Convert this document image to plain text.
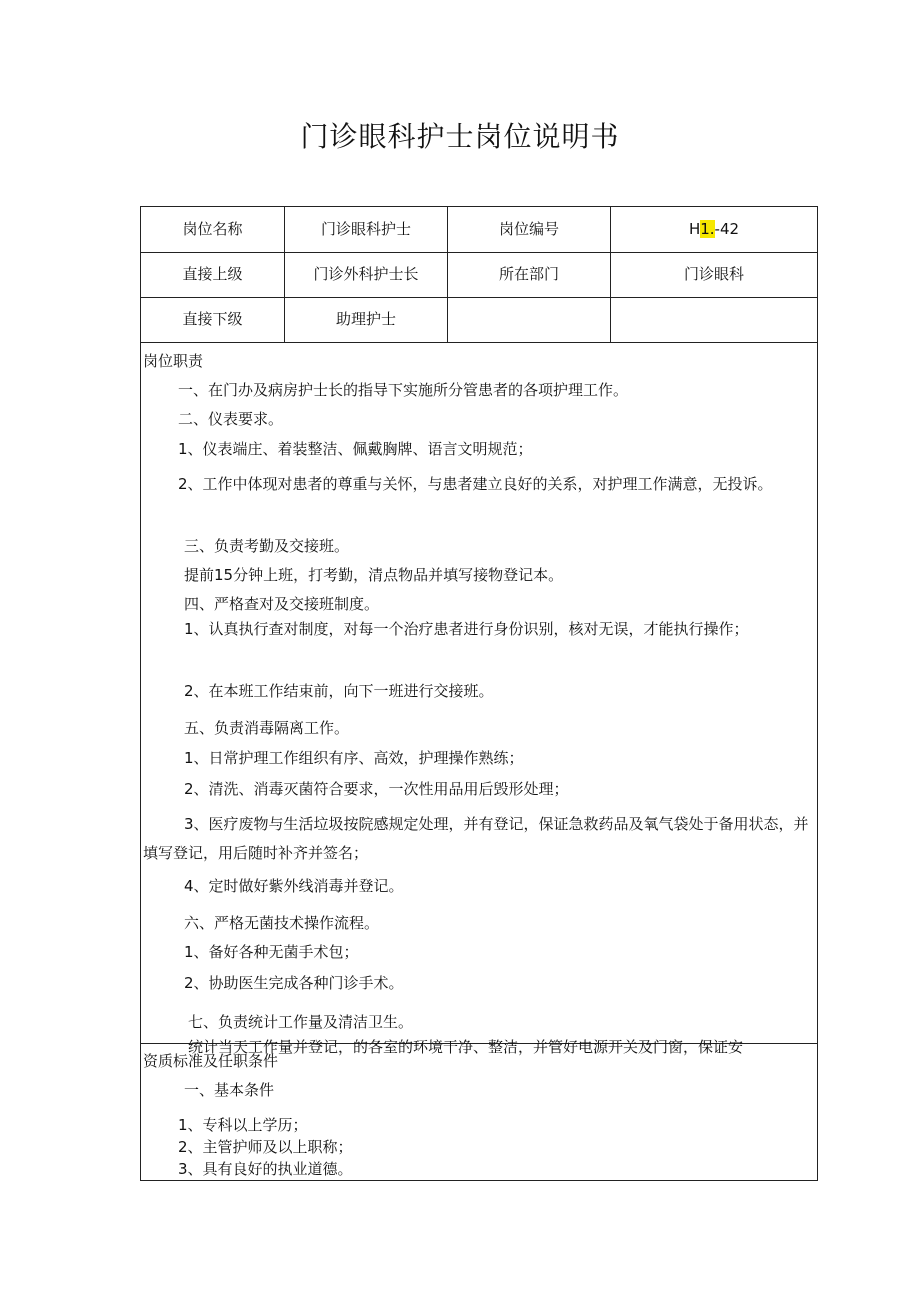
门诊眼科护士岗位说明书
岗位名称	门诊眼科护士	岗位编号	H1.-42
直接上级	门诊外科护士长	所在部门	门诊眼科
直接下级	助理护士
岗位职责
一、在门办及病房护士长的指导下实施所分管患者的各项护理工作。
二、仪表要求。
1、仪表端庄、着装整洁、佩戴胸牌、语言文明规范；
2、工作中体现对患者的尊重与关怀，与患者建立良好的关系，对护理工作满意，无投诉。
三、负责考勤及交接班。
提前15分钟上班，打考勤，清点物品并填写接物登记本。
四、严格查对及交接班制度。
1、认真执行查对制度，对每一个治疗患者进行身份识别，核对无误，才能执行操作；
2、在本班工作结束前，向下一班进行交接班。
五、负责消毒隔离工作。
1、日常护理工作组织有序、高效，护理操作熟练；
2、清洗、消毒灭菌符合要求，一次性用品用后毁形处理；
3、医疗废物与生活垃圾按院感规定处理，并有登记，保证急救药品及氧气袋处于备用状态，并填写登记，用后随时补齐并签名；
4、定时做好紫外线消毒并登记。
六、严格无菌技术操作流程。
1、备好各种无菌手术包；
2、协助医生完成各种门诊手术。
七、负责统计工作量及清洁卫生。
统计当天工作量并登记，的各室的环境干净、整洁，并管好电源开关及门窗，保证安
资质标准及任职条件
一、基本条件
1、专科以上学历；
2、主管护师及以上职称；
3、具有良好的执业道德。
